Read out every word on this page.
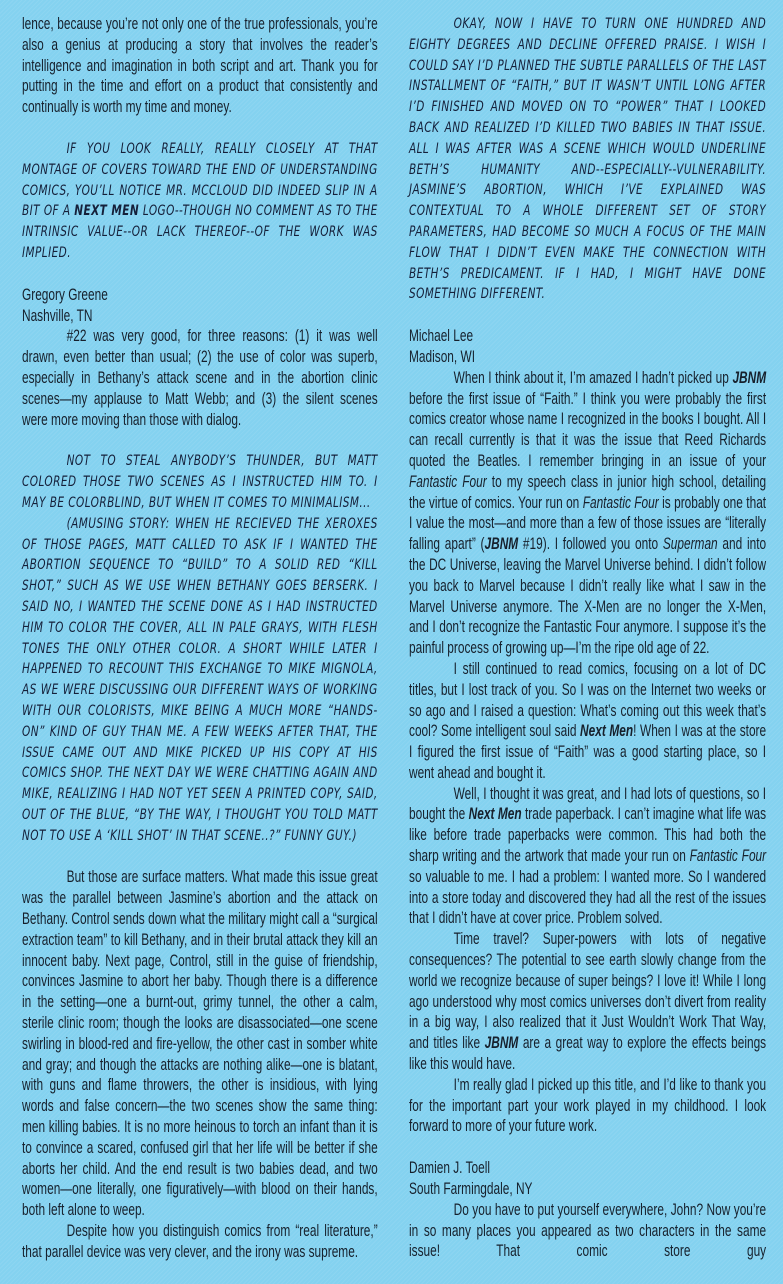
lence, because you’re not only one of the true professionals, you’re also a genius at producing a story that involves the reader’s intelligence and imagination in both script and art. Thank you for putting in the time and effort on a product that consistently and continually is worth my time and money.
IF YOU LOOK REALLY, REALLY CLOSELY AT THAT MONTAGE OF COVERS TOWARD THE END OF UNDERSTANDING COMICS, YOU’LL NOTICE MR. MCCLOUD DID INDEED SLIP IN A BIT OF A NEXT MEN LOGO--THOUGH NO COMMENT AS TO THE INTRINSIC VALUE--OR LACK THEREOF--OF THE WORK WAS IMPLIED.
Gregory Greene
Nashville, TN
#22 was very good, for three reasons: (1) it was well drawn, even better than usual; (2) the use of color was superb, especially in Bethany’s attack scene and in the abortion clinic scenes—my applause to Matt Webb; and (3) the silent scenes were more moving than those with dialog.
NOT TO STEAL ANYBODY’S THUNDER, BUT MATT COLORED THOSE TWO SCENES AS I INSTRUCTED HIM TO. I MAY BE COLORBLIND, BUT WHEN IT COMES TO MINIMALISM...
(AMUSING STORY: WHEN HE RECIEVED THE XEROXES OF THOSE PAGES, MATT CALLED TO ASK IF I WANTED THE ABORTION SEQUENCE TO “BUILD” TO A SOLID RED “KILL SHOT,” SUCH AS WE USE WHEN BETHANY GOES BERSERK. I SAID NO, I WANTED THE SCENE DONE AS I HAD INSTRUCTED HIM TO COLOR THE COVER, ALL IN PALE GRAYS, WITH FLESH TONES THE ONLY OTHER COLOR. A SHORT WHILE LATER I HAPPENED TO RECOUNT THIS EXCHANGE TO MIKE MIGNOLA, AS WE WERE DISCUSSING OUR DIFFERENT WAYS OF WORKING WITH OUR COLORISTS, MIKE BEING A MUCH MORE “HANDS-ON” KIND OF GUY THAN ME. A FEW WEEKS AFTER THAT, THE ISSUE CAME OUT AND MIKE PICKED UP HIS COPY AT HIS COMICS SHOP. THE NEXT DAY WE WERE CHATTING AGAIN AND MIKE, REALIZING I HAD NOT YET SEEN A PRINTED COPY, SAID, OUT OF THE BLUE, “BY THE WAY, I THOUGHT YOU TOLD MATT NOT TO USE A ‘KILL SHOT’ IN THAT SCENE..?” FUNNY GUY.)
But those are surface matters. What made this issue great was the parallel between Jasmine’s abortion and the attack on Bethany. Control sends down what the military might call a “surgical extraction team” to kill Bethany, and in their brutal attack they kill an innocent baby. Next page, Control, still in the guise of friendship, convinces Jasmine to abort her baby. Though there is a difference in the setting—one a burnt-out, grimy tunnel, the other a calm, sterile clinic room; though the looks are disassociated—one scene swirling in blood-red and fire-yellow, the other cast in somber white and gray; and though the attacks are nothing alike—one is blatant, with guns and flame throwers, the other is insidious, with lying words and false concern—the two scenes show the same thing: men killing babies. It is no more heinous to torch an infant than it is to convince a scared, confused girl that her life will be better if she aborts her child. And the end result is two babies dead, and two women—one literally, one figuratively—with blood on their hands, both left alone to weep.
Despite how you distinguish comics from “real literature,” that parallel device was very clever, and the irony was supreme.
OKAY, NOW I HAVE TO TURN ONE HUNDRED AND EIGHTY DEGREES AND DECLINE OFFERED PRAISE. I WISH I COULD SAY I’D PLANNED THE SUBTLE PARALLELS OF THE LAST INSTALLMENT OF “FAITH,” BUT IT WASN’T UNTIL LONG AFTER I’D FINISHED AND MOVED ON TO “POWER” THAT I LOOKED BACK AND REALIZED I’D KILLED TWO BABIES IN THAT ISSUE. ALL I WAS AFTER WAS A SCENE WHICH WOULD UNDERLINE BETH’S HUMANITY AND--ESPECIALLY--VULNERABILITY. JASMINE’S ABORTION, WHICH I’VE EXPLAINED WAS CONTEXTUAL TO A WHOLE DIFFERENT SET OF STORY PARAMETERS, HAD BECOME SO MUCH A FOCUS OF THE MAIN FLOW THAT I DIDN’T EVEN MAKE THE CONNECTION WITH BETH’S PREDICAMENT. IF I HAD, I MIGHT HAVE DONE SOMETHING DIFFERENT.
Michael Lee
Madison, WI
When I think about it, I’m amazed I hadn’t picked up JBNM before the first issue of “Faith.” I think you were probably the first comics creator whose name I recognized in the books I bought. All I can recall currently is that it was the issue that Reed Richards quoted the Beatles. I remember bringing in an issue of your Fantastic Four to my speech class in junior high school, detailing the virtue of comics. Your run on Fantastic Four is probably one that I value the most—and more than a few of those issues are “literally falling apart” (JBNM #19). I followed you onto Superman and into the DC Universe, leaving the Marvel Universe behind. I didn’t follow you back to Marvel because I didn’t really like what I saw in the Marvel Universe anymore. The X-Men are no longer the X-Men, and I don’t recognize the Fantastic Four anymore. I suppose it’s the painful process of growing up—I’m the ripe old age of 22.
I still continued to read comics, focusing on a lot of DC titles, but I lost track of you. So I was on the Internet two weeks or so ago and I raised a question: What’s coming out this week that’s cool? Some intelligent soul said Next Men! When I was at the store I figured the first issue of “Faith” was a good starting place, so I went ahead and bought it.
Well, I thought it was great, and I had lots of questions, so I bought the Next Men trade paperback. I can’t imagine what life was like before trade paperbacks were common. This had both the sharp writing and the artwork that made your run on Fantastic Four so valuable to me. I had a problem: I wanted more. So I wandered into a store today and discovered they had all the rest of the issues that I didn’t have at cover price. Problem solved.
Time travel? Super-powers with lots of negative consequences? The potential to see earth slowly change from the world we recognize because of super beings? I love it! While I long ago understood why most comics universes don’t divert from reality in a big way, I also realized that it Just Wouldn’t Work That Way, and titles like JBNM are a great way to explore the effects beings like this would have.
I’m really glad I picked up this title, and I’d like to thank you for the important part your work played in my childhood. I look forward to more of your future work.
Damien J. Toell
South Farmingdale, NY
Do you have to put yourself everywhere, John? Now you’re in so many places you appeared as two characters in the same issue! That comic store guy
